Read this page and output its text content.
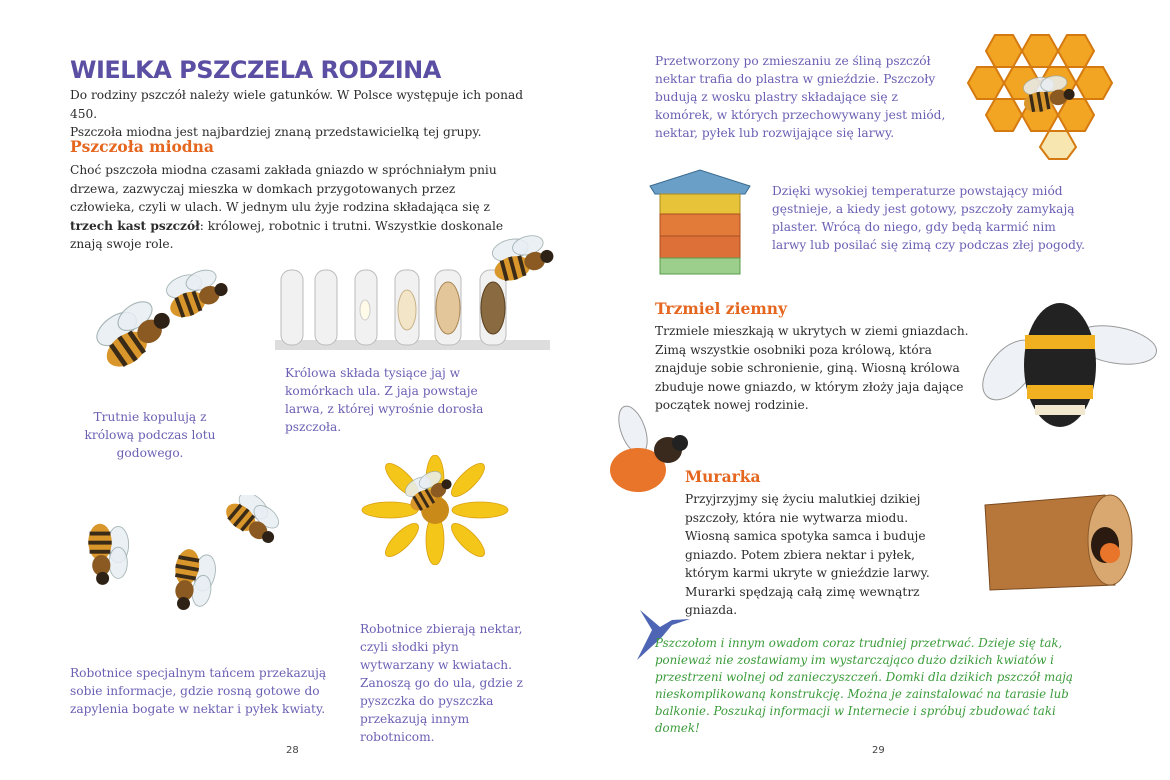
WIELKA PSZCZELA RODZINA
Do rodziny pszczół należy wiele gatunków. W Polsce występuje ich ponad 450.
Pszczoła miodna jest najbardziej znaną przedstawicielką tej grupy.
Pszczoła miodna
Choć pszczoła miodna czasami zakłada gniazdo w spróchniałym pniu drzewa, zazwyczaj mieszka w domkach przygotowanych przez człowieka, czyli w ulach. W jednym ulu żyje rodzina składająca się z trzech kast pszczół: królowej, robotnic i trutni. Wszystkie doskonale znają swoje role.
Trutnie kopulują z królową podczas lotu godowego.
Królowa składa tysiące jaj w komórkach ula. Z jaja powstaje larwa, z której wyrośnie dorosła pszczoła.
Robotnice specjalnym tańcem przekazują sobie informacje, gdzie rosną gotowe do zapylenia bogate w nektar i pyłek kwiaty.
Robotnice zbierają nektar, czyli słodki płyn wytwarzany w kwiatach. Zanoszą go do ula, gdzie z pyszczka do pyszczka przekazują innym robotnicom.
28
Przetworzony po zmieszaniu ze śliną pszczół nektar trafia do plastra w gnieździe. Pszczoły budują z wosku plastry składające się z komórek, w których przechowywany jest miód, nektar, pyłek lub rozwijające się larwy.
Dzięki wysokiej temperaturze powstający miód gęstnieje, a kiedy jest gotowy, pszczoły zamykają plaster. Wrócą do niego, gdy będą karmić nim larwy lub posilać się zimą czy podczas złej pogody.
Trzmiel ziemny
Trzmiele mieszkają w ukrytych w ziemi gniazdach. Zimą wszystkie osobniki poza królową, która znajduje sobie schronienie, giną. Wiosną królowa zbuduje nowe gniazdo, w którym złoży jaja dające początek nowej rodzinie.
Murarka
Przyjrzyjmy się życiu malutkiej dzikiej pszczoły, która nie wytwarza miodu. Wiosną samica spotyka samca i buduje gniazdo. Potem zbiera nektar i pyłek, którym karmi ukryte w gnieździe larwy. Murarki spędzają całą zimę wewnątrz gniazda.
Pszczołom i innym owadom coraz trudniej przetrwać. Dzieje się tak, ponieważ nie zostawiamy im wystarczająco dużo dzikich kwiatów i przestrzeni wolnej od zanieczyszczeń. Domki dla dzikich pszczół mają nieskomplikowaną konstrukcję. Można je zainstalować na tarasie lub balkonie. Poszukaj informacji w Internecie i spróbuj zbudować taki domek!
29
